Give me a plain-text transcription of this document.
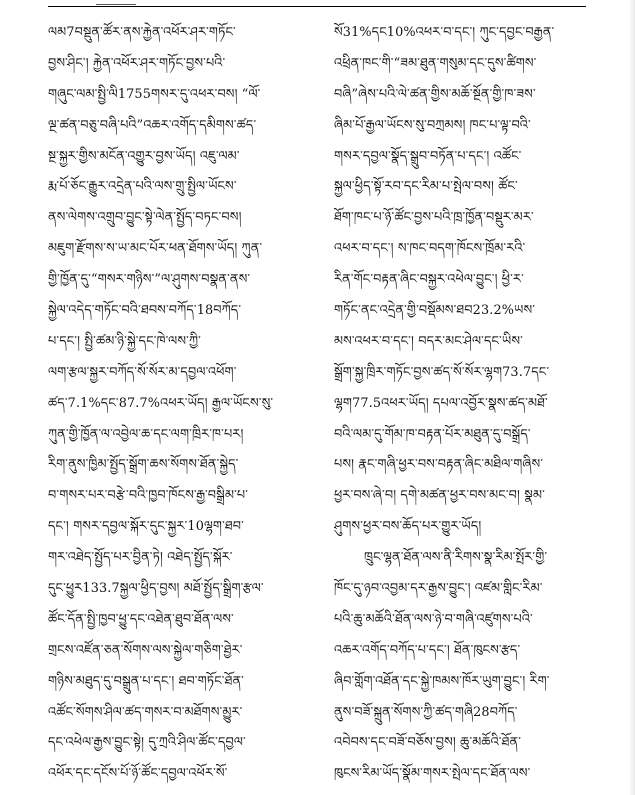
ལམ7བསྡུན་ཚོར་ནས་རྐྱེན་འཕོར་ཤར་གཏོང་
བྱས་ཤིང་། རྐྱེན་འཕོར་ཤར་གཏོང་བྱས་པའི་
གཞུང་ལམ་སྤྱི་ལི1755གསར་དུ་འཕར་བས། “ལོ་
ལྔ་ཚན་བཅུ་བཞི་པའི”འཆར་འགོད་དམིགས་ཚད་
སྔ་སྐྱར་གྱིས་མངོན་འགྱུར་བྱས་ཡོད། འཇུ་ལམ་
རྨ་པོ་ཅོང་རྒྱུར་འདྲེན་པའི་ལས་གྲུ་སྤྱིལ་ཡོངས་
ནས་ལེགས་འགྲུབ་བྱུང་སྟེ་ལེན་སྤྱོད་བཏང་བས།
མཇུག་རྫོགས་ས་ཡ་མང་པོར་ཕན་ཐོགས་ཡོད། ཀུན་
གྱི་ཁྱོན་དུ་“གསར་གཉིས་”ལ་ཤུགས་བསྣན་ནས་
སྐྱེལ་འདེད་གཏོང་བའི་ཐབས་བཀོད་18བཀོད་
པ་དང་། སྤྱི་ཚམ་ཉི་སྐྱེ་དང་ཁེ་ལས་ཀྱི་
ལག་རྩལ་སྐྱར་བཀོད་སོ་སོར་མ་དབྱལ་འཕོག་
ཚད་7.1%དང་87.7%འཕར་ཡོད། རྒྱལ་ཡོངས་སུ་
ཀུན་གྱི་ཁྱོན་ལ་འབྱེལ་ཆ་དང་ལག་ཁྲིར་ཁ་པར།
རིག་ནུས་ཁྱིམ་སྤྱོད་སྒྲོག་ཆས་སོགས་ཐོན་སྐྱེད་
བ་གསར་པར་བརྩེ་བའི་ཁྱབ་ཁོངས་རྒྱ་བསྒྲིམ་པ་
དང་། གསར་དབྱལ་སྐོར་དུང་སྐྱར་10ལྷག་ཐབ་
གར་འཐེད་སྤྱོད་པར་བྱིན་ཏེ། འཐེད་སྤྱོད་སྐོར་
དུང་ཕྱུར133.7སྐྱལ་ཕྱིད་བྱས། མཐོ་སྤྱོད་སྒྲིག་རྩལ་
ཚོང་དོན་སྤྱི་ཁྱབ་ཕྱུ་དང་འཐེན་ཐུབ་ཐོན་ལས་
གྲངས་འཛོན་ཅན་སོགས་ལས་སྐྱེལ་གཅིག་ཐྱེར་
གཉིས་མཐུད་དུ་བསྒྲུན་པ་དང་། ཐབ་གཏོང་ཐོན་
འཚོང་སོགས་ཤིལ་ཚད་གསར་བ་མཐོགས་མྱུར་
དང་འཕེལ་རྒྱས་བྱུང་སྟེ། དུ་ཀྲའི་ཤིལ་ཚོང་དབྱལ་
འཕོར་དང་དངོས་པོ་ཉོ་ཚོང་དབྱལ་འཕོར་སོ་
སོ31%དང10%འཕར་བ་དང་། ཀུང་དབྱང་བརྒྱན་
འཕྲིན་ཁང་གི་“ཟམ་ཐུན་གསུམ་དང་དུས་ཚིགས་
བཞི”ཞེས་པའི་ལེ་ཚན་གྱིས་མཆོ་སྔོན་གྱི་ཁ་ཟས་
ཞིམ་པོ་རྒྱལ་ཡོངས་སུ་བཀྲམས། ཁང་པ་ལྟ་བའི་
གསར་དབྱལ་སྣོད་སྒྲུབ་བཏོན་པ་དང་། འཚོང་
སྐྱལ་ཕྱིད་སྟོ་རབ་དང་རིམ་པ་སྤེལ་བས། ཚོང་
ཐོག་ཁང་པ་ཉོ་ཚོང་བྱས་པའི་ཁྲ་ཁྱོན་བསྡུར་མར་
འཕར་བ་དང་། ས་ཁང་བདག་ཁོངས་ཁྲོམ་རའི་
རིན་གོང་བརྟན་ཞིང་བསྐྱར་འཕེལ་བྱུང་། ཕྱི་ར་
གཏོང་ནང་འདྲེན་གྱི་བསྡོམས་ཐབ23.2%ཡས་
མས་འཕར་བ་དང་། བདར་མང་ཤེལ་དང་ཡིས་
སྒྲོག་སྐྱ་ཁྲིར་གཏོང་བྱས་ཚད་སོ་སོར་ལྷག73.7དང་
ལྷག77.5འཕར་ཡོད། དཔལ་འབྱོར་སྣས་ཚད་མཐོ་
བའི་ལམ་དུ་གོམ་ཁ་བརྟན་པོར་མཐུན་དུ་བསྒྲོད་
པས། རྣང་གཞི་ཕྱར་བས་བརྟན་ཞིང་མཐིལ་གཞིས་
ཕྱར་བས་ཞེ་བ། དགེ་མཚན་ཕྱར་བས་མང་བ། སྣམ་
ཤུགས་ཕྱར་བས་ཆོད་པར་གྱུར་ཡོད།
ཁྲུང་ལྷན་ཐོན་ལས་ནི་རིགས་སྣ་རིམ་སྤོར་གྱི་
ཁོང་དུ་ཉབ་འབྱམ་དར་རྒྱས་བྱུང་། འཛམ་གླིང་རིམ་
པའི་ཆུ་མཆོའི་ཐོན་ལས་ཉེ་བ་གཞི་འཛུགས་པའི་
འཆར་འགོད་བཀོད་པ་དང་། ཐོན་ཁུངས་རྩད་
ཞིབ་གློག་འཐོན་དང་སྐྱེ་ཁམས་ཁོར་ཡུག་བྱུང་། རིག་
ནུས་བཟོ་སྐྲུན་སོགས་ཀྱི་ཚད་གཞི28བཀོད་
འབེབས་དང་བཟོ་བཅོས་བྱས། ཆུ་མཆོའི་ཐོན་
ཁུངས་རིམ་ཡོད་སྣོམ་གསར་སྤེལ་དང་ཐོན་ལས་
